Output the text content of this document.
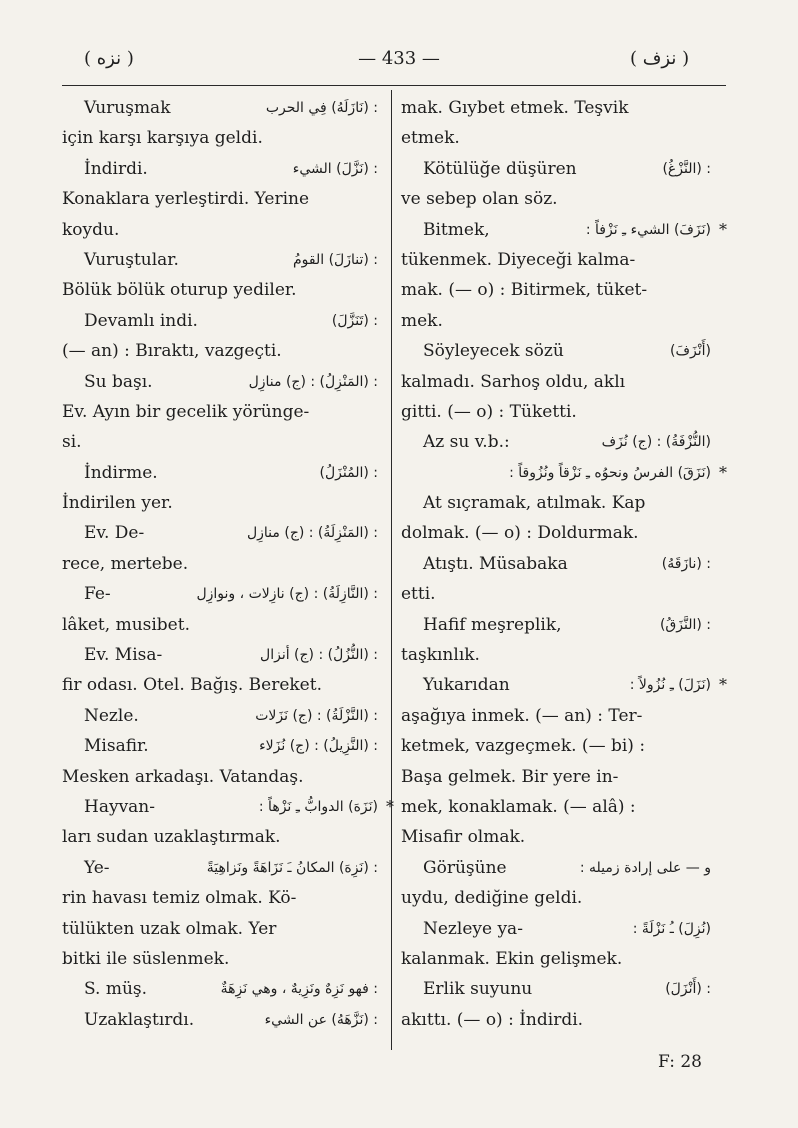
( نزه )	— 433 —	( نزف )
Vuruşmak	: (نَازَلَهُ) فِي الحرب
için karşı karşıya geldi.
İndirdi.	: (نَزَّلَ) الشيء
Konaklara yerleştirdi. Yerine
koydu.
Vuruştular.	: (تنازَلَ) القومُ
Bölük bölük oturup yediler.
Devamlı indi.	: (تَنَزَّلَ)
(— an) : Bıraktı, vazgeçti.
Su başı.	: (المَنْزِلُ) : (ج) منازِل
Ev. Ayın bir gecelik yörünge-
si.
İndirme.	: (المُنْزَلُ)
İndirilen yer.
Ev. De-	: (المَنْزِلَةُ) : (ج) منازِل
rece, mertebe.
Fe-	: (النَّازِلَةُ) : (ج) نازِلات ، ونوازِل
lâket, musibet.
Ev. Misa-	: (النُّزُلُ) : (ج) أنزال
fir odası. Otel. Bağış. Bereket.
Nezle.	: (النَّزْلَةُ) : (ج) نَزَلات
Misafir.	: (النَّزِيلُ) : (ج) نُزَلاء
Mesken arkadaşı. Vatandaş.
Hayvan-	(نَزَهَ) الدوابُّ ـِ نَزْهاً : *
ları sudan uzaklaştırmak.
Ye-	: (نَزِهَ) المكانُ ـَ نَزَاهَةً ونَزاهِيَةً
rin havası temiz olmak. Kö-
tülükten uzak olmak. Yer
bitki ile süslenmek.
S. müş.	: فهو نَزِهٌ ونَزِيهٌ ، وهي نَزِهَةٌ
Uzaklaştırdı.	: (نَزَّهَهُ) عن الشيء
mak. Gıybet etmek. Teşvik
etmek.
Kötülüğe düşüren	: (النَّزْغُ)
ve sebep olan söz.
Bitmek,	(نَزَفَ) الشيء ـِ نَزْفاً : *
tükenmek. Diyeceği kalma-
mak. (— o) : Bitirmek, tüket-
mek.
Söyleyecek sözü	(أَنْزَفَ)
kalmadı. Sarhoş oldu, aklı
gitti. (— o) : Tüketti.
Az su v.b.:	(النُّزْفَةُ) : (ج) نُزَف
(نَزَقَ) الفرسُ ونحوُه ـِ نَزْقاً ونُزُوقاً : *
At sıçramak, atılmak. Kap
dolmak. (— o) : Doldurmak.
Atıştı. Müsabaka	: (نازَقَهُ)
etti.
Hafif meşreplik,	: (النَّزَقُ)
taşkınlık.
Yukarıdan	(نَزَلَ) ـِ نُزُولاً : *
aşağıya inmek. (— an) : Ter-
ketmek, vazgeçmek. (— bi) :
Başa gelmek. Bir yere in-
mek, konaklamak. (— alâ) :
Misafir olmak.
Görüşüne	و — على إرادة زميله :
uydu, dediğine geldi.
Nezleye ya-	(نُزِلَ) ـُ نَزْلَةً :
kalanmak. Ekin gelişmek.
Erlik suyunu	: (أَنْزَلَ)
akıttı. (— o) : İndirdi.
F: 28
